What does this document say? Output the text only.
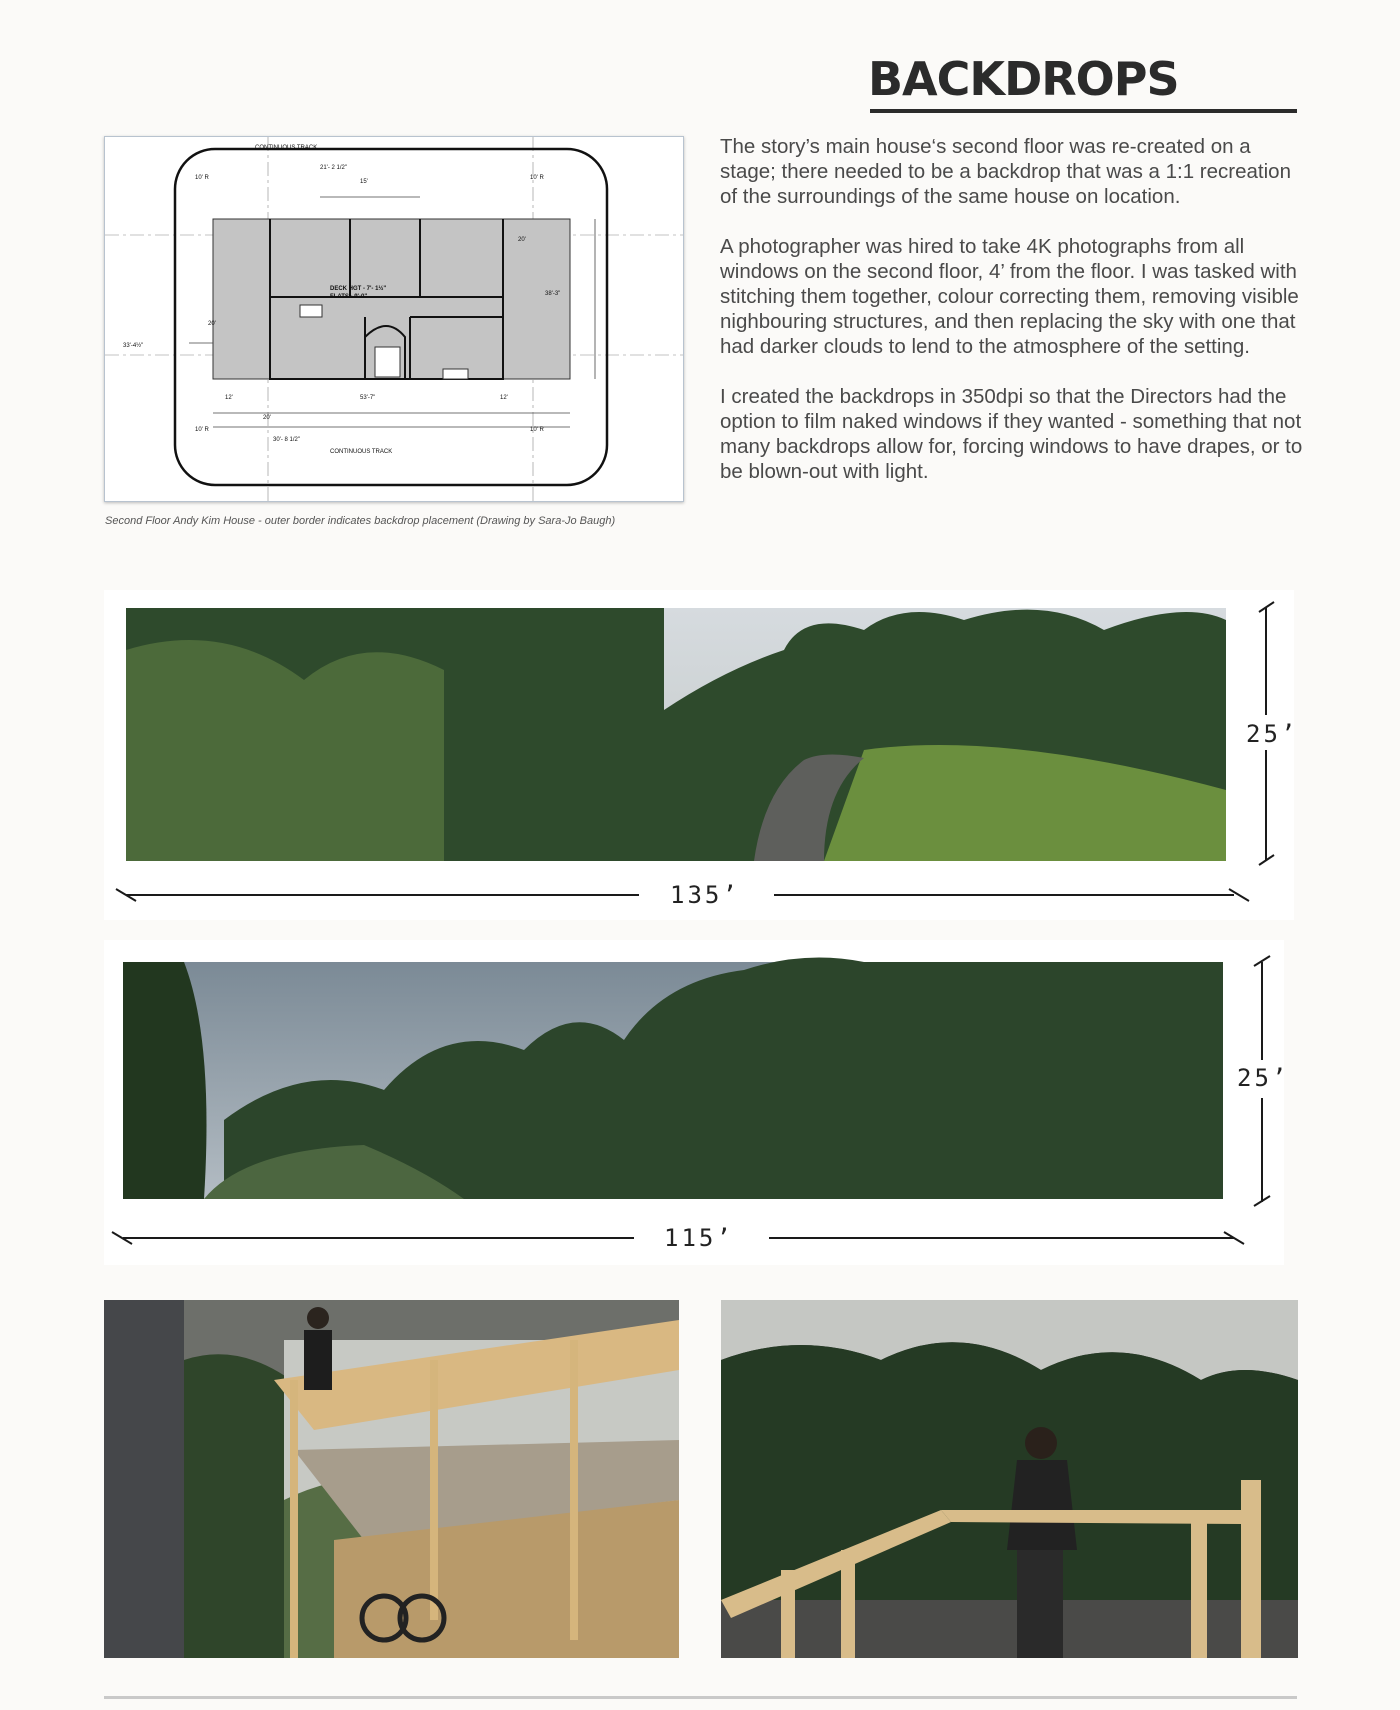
BACKDROPS

The story’s main house‘s second floor was re-created on a stage; there needed to be a backdrop that was a 1:1 recreation of the surroundings of the same house on location.

A photographer was hired to take 4K photographs from all windows on the second floor, 4’ from the floor. I was tasked with stitching them together, colour correcting them, removing visible nighbouring structures, and then replacing the sky with one that had darker clouds to lend to the atmosphere of the setting.

I created the backdrops in 350dpi so that the Directors had the option to film naked windows if they wanted - something that not many backdrops allow for, forcing windows to have drapes, or to be blown-out with light.

CONTINUOUS TRACK
CONTINUOUS TRACK
10' R	10' R
10' R	10' R
21'- 2 1/2"
15'
20'
38'-3"
20'
33'-4½"
12'	53'-7"	12'
20'
30'- 8 1/2"
DECK HGT - 7'- 1½"
FLATS - 9'-0"
Second Floor Andy Kim House - outer border indicates backdrop placement (Drawing by Sara-Jo Baugh)
135’
25’
115’
25’
